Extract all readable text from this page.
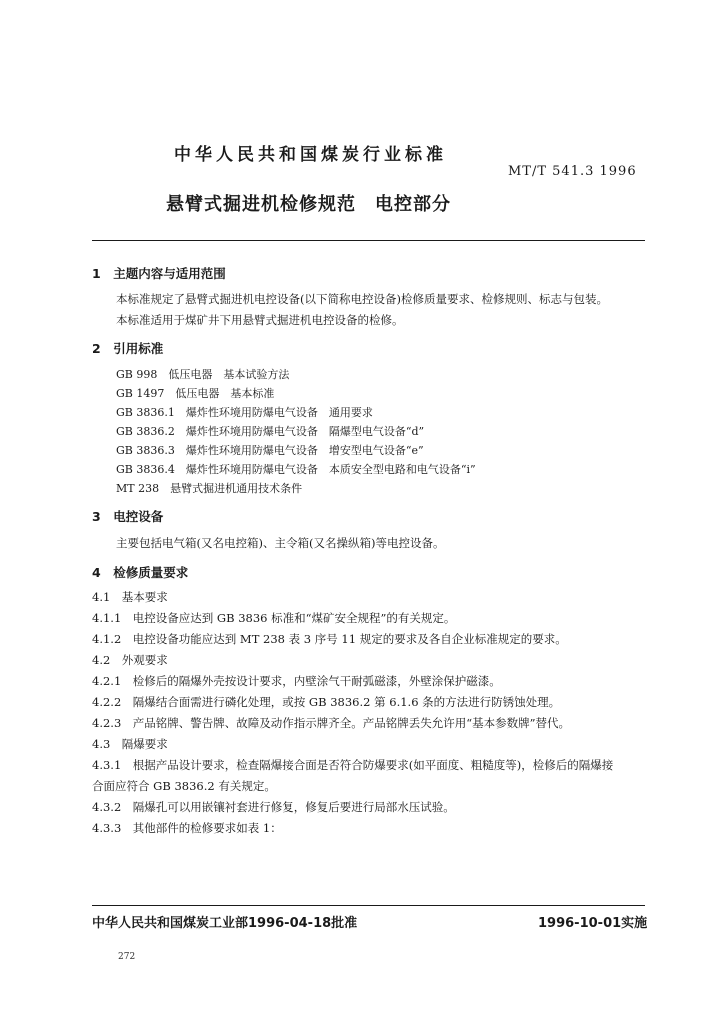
中华人民共和国煤炭行业标准
MT/T 541.3 1996
悬臂式掘进机检修规范　电控部分
1　主题内容与适用范围
本标准规定了悬臂式掘进机电控设备(以下简称电控设备)检修质量要求、检修规则、标志与包装。
本标准适用于煤矿井下用悬臂式掘进机电控设备的检修。
2　引用标准
GB 998　低压电器　基本试验方法
GB 1497　低压电器　基本标准
GB 3836.1　爆炸性环境用防爆电气设备　通用要求
GB 3836.2　爆炸性环境用防爆电气设备　隔爆型电气设备“d”
GB 3836.3　爆炸性环境用防爆电气设备　增安型电气设备“e”
GB 3836.4　爆炸性环境用防爆电气设备　本质安全型电路和电气设备“i”
MT 238　悬臂式掘进机通用技术条件
3　电控设备
主要包括电气箱(又名电控箱)、主令箱(又名操纵箱)等电控设备。
4　检修质量要求
4.1　基本要求
4.1.1　电控设备应达到 GB 3836 标准和“煤矿安全规程”的有关规定。
4.1.2　电控设备功能应达到 MT 238 表 3 序号 11 规定的要求及各自企业标准规定的要求。
4.2　外观要求
4.2.1　检修后的隔爆外壳按设计要求，内壁涂气干耐弧磁漆，外壁涂保护磁漆。
4.2.2　隔爆结合面需进行磷化处理，或按 GB 3836.2 第 6.1.6 条的方法进行防锈蚀处理。
4.2.3　产品铭牌、警告牌、故障及动作指示牌齐全。产品铭牌丢失允许用“基本参数牌”替代。
4.3　隔爆要求
4.3.1　根据产品设计要求，检查隔爆接合面是否符合防爆要求(如平面度、粗糙度等)，检修后的隔爆接
合面应符合 GB 3836.2 有关规定。
4.3.2　隔爆孔可以用嵌镶衬套进行修复，修复后要进行局部水压试验。
4.3.3　其他部件的检修要求如表 1：
中华人民共和国煤炭工业部1996-04-18批准	1996-10-01实施
272
